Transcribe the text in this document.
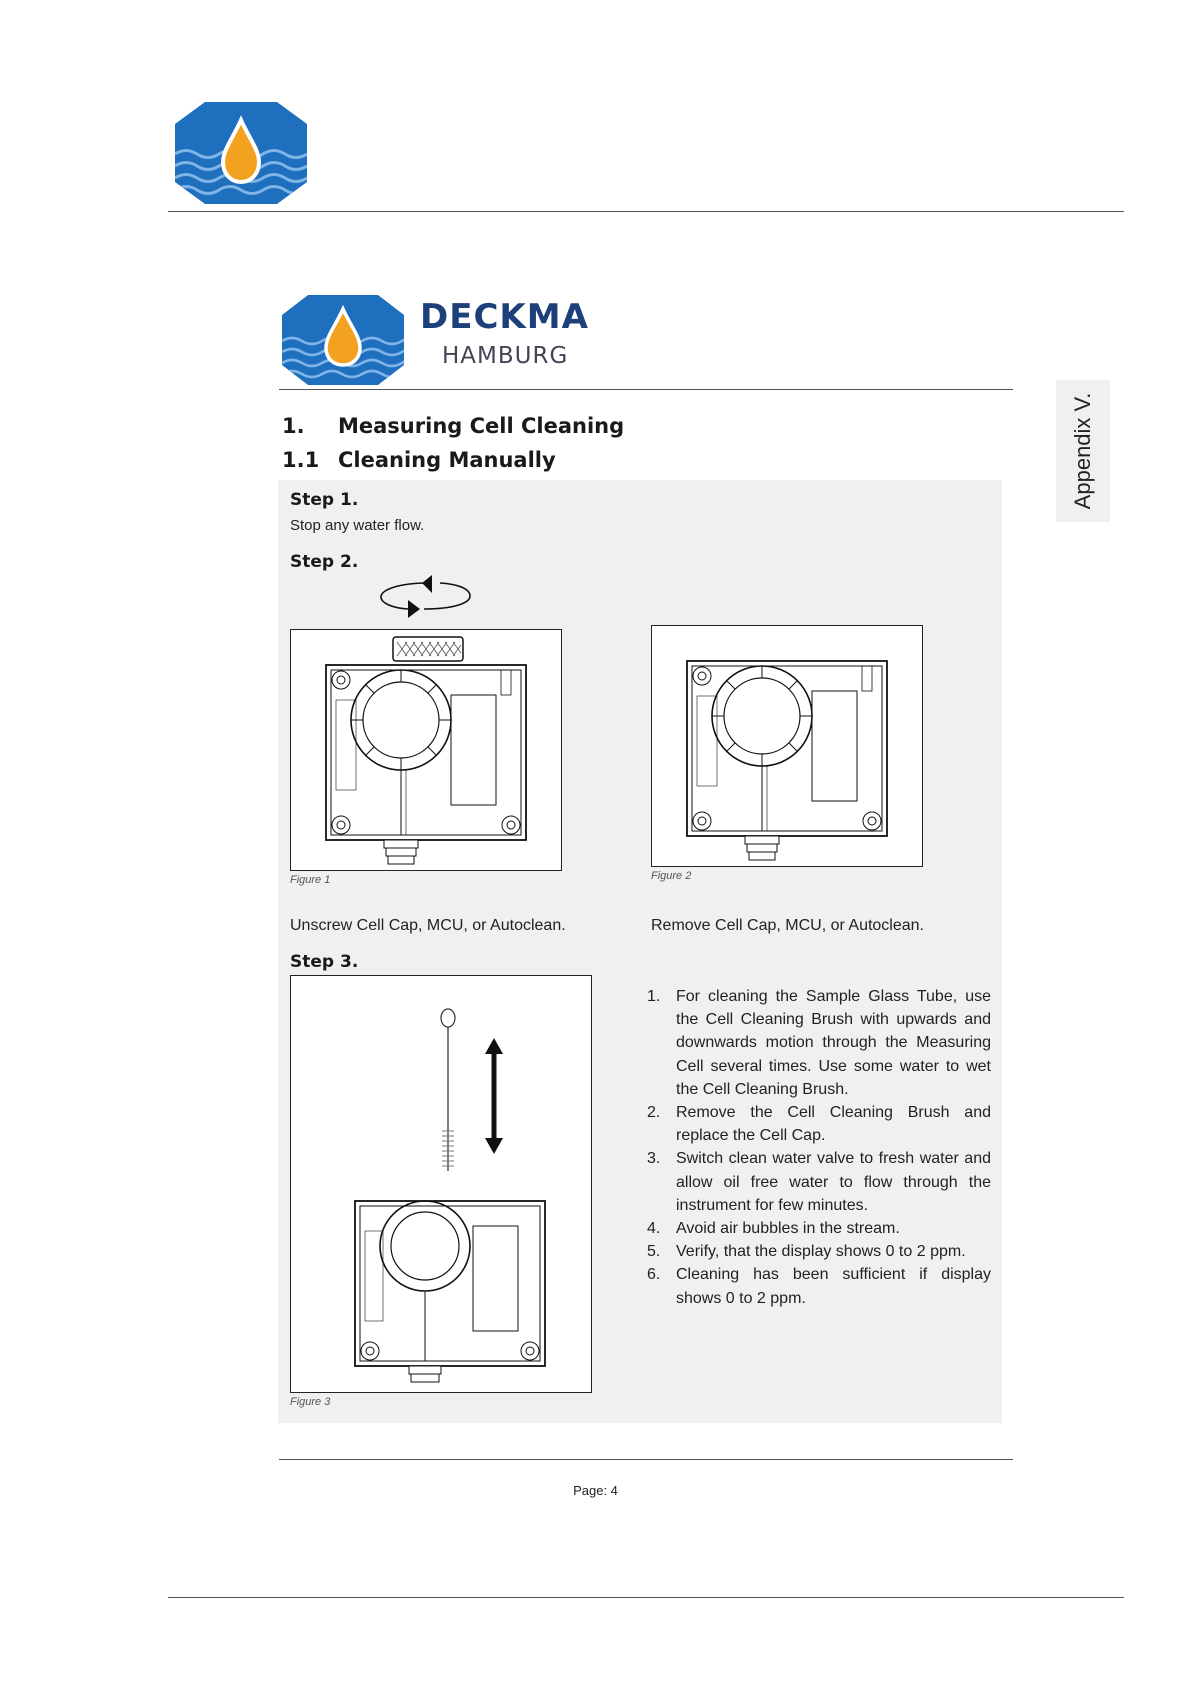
DECKMA
HAMBURG
Appendix V.
1. Measuring Cell Cleaning
1.1 Cleaning Manually
Step 1.
Stop any water flow.
Step 2.
Figure 1
Unscrew Cell Cap, MCU, or Autoclean.
Figure 2
Remove Cell Cap, MCU, or Autoclean.
Step 3.
Figure 3
1. For cleaning the Sample Glass Tube, use the Cell Cleaning Brush with upwards and downwards motion through the Measuring Cell several times. Use some water to wet the Cell Cleaning Brush.
2. Remove the Cell Cleaning Brush and replace the Cell Cap.
3. Switch clean water valve to fresh water and allow oil free water to flow through the instrument for few minutes.
4. Avoid air bubbles in the stream.
5. Verify, that the display shows 0 to 2 ppm.
6. Cleaning has been sufficient if display shows 0 to 2 ppm.
Page: 4
